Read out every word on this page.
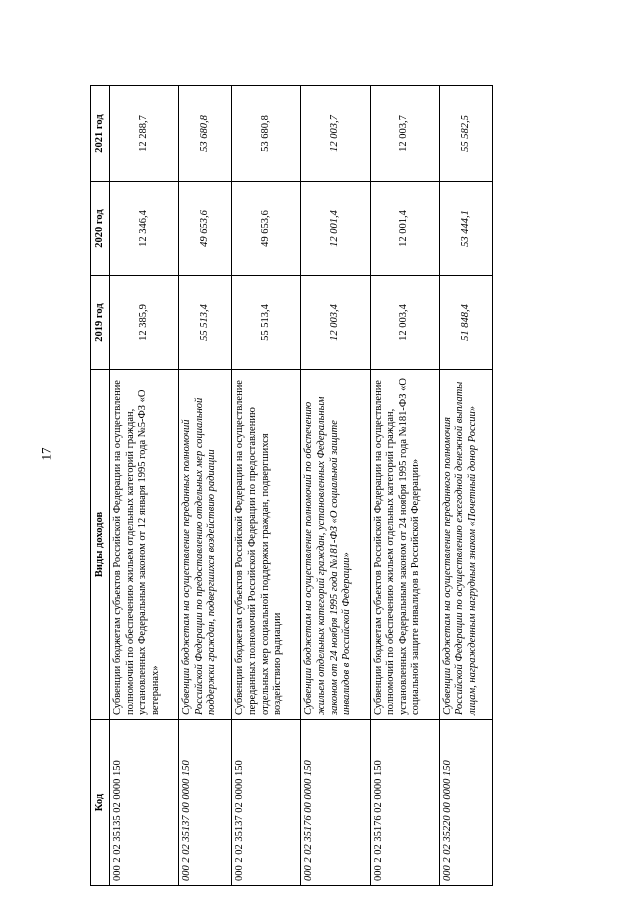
17
Код	Виды доходов	2019 год	2020 год	2021 год
000 2 02 35135 02 0000 150	Субвенции бюджетам субъектов Российской Федерации на осуществление полномочий по обеспечению жильем отдельных категорий граждан, установленных Федеральным законом от 12 января 1995 года №5-ФЗ «О ветеранах»	12 385,9	12 346,4	12 288,7
000 2 02 35137 00 0000 150	Субвенции бюджетам на осуществление переданных полномочий Российской Федерации по предоставлению отдельных мер социальной поддержки граждан, подвергшихся воздействию радиации	55 513,4	49 653,6	53 680,8
000 2 02 35137 02 0000 150	Субвенции бюджетам субъектов Российской Федерации на осуществление переданных полномочий Российской Федерации по предоставлению отдельных мер социальной поддержки граждан, подвергшихся воздействию радиации	55 513,4	49 653,6	53 680,8
000 2 02 35176 00 0000 150	Субвенции бюджетам на осуществление полномочий по обеспечению жильем отдельных категорий граждан, установленных Федеральным законом от 24 ноября 1995 года №181-ФЗ «О социальной защите инвалидов в Российской Федерации»	12 003,4	12 001,4	12 003,7
000 2 02 35176 02 0000 150	Субвенции бюджетам субъектов Российской Федерации на осуществление полномочий по обеспечению жильем отдельных категорий граждан, установленных Федеральным законом от 24 ноября 1995 года №181-ФЗ «О социальной защите инвалидов в Российской Федерации»	12 003,4	12 001,4	12 003,7
000 2 02 35220 00 0000 150	Субвенции бюджетам на осуществление переданного полномочия Российской Федерации по осуществлению ежегодной денежной выплаты лицам, награжденным нагрудным знаком «Почетный донор России»	51 848,4	53 444,1	55 582,5
